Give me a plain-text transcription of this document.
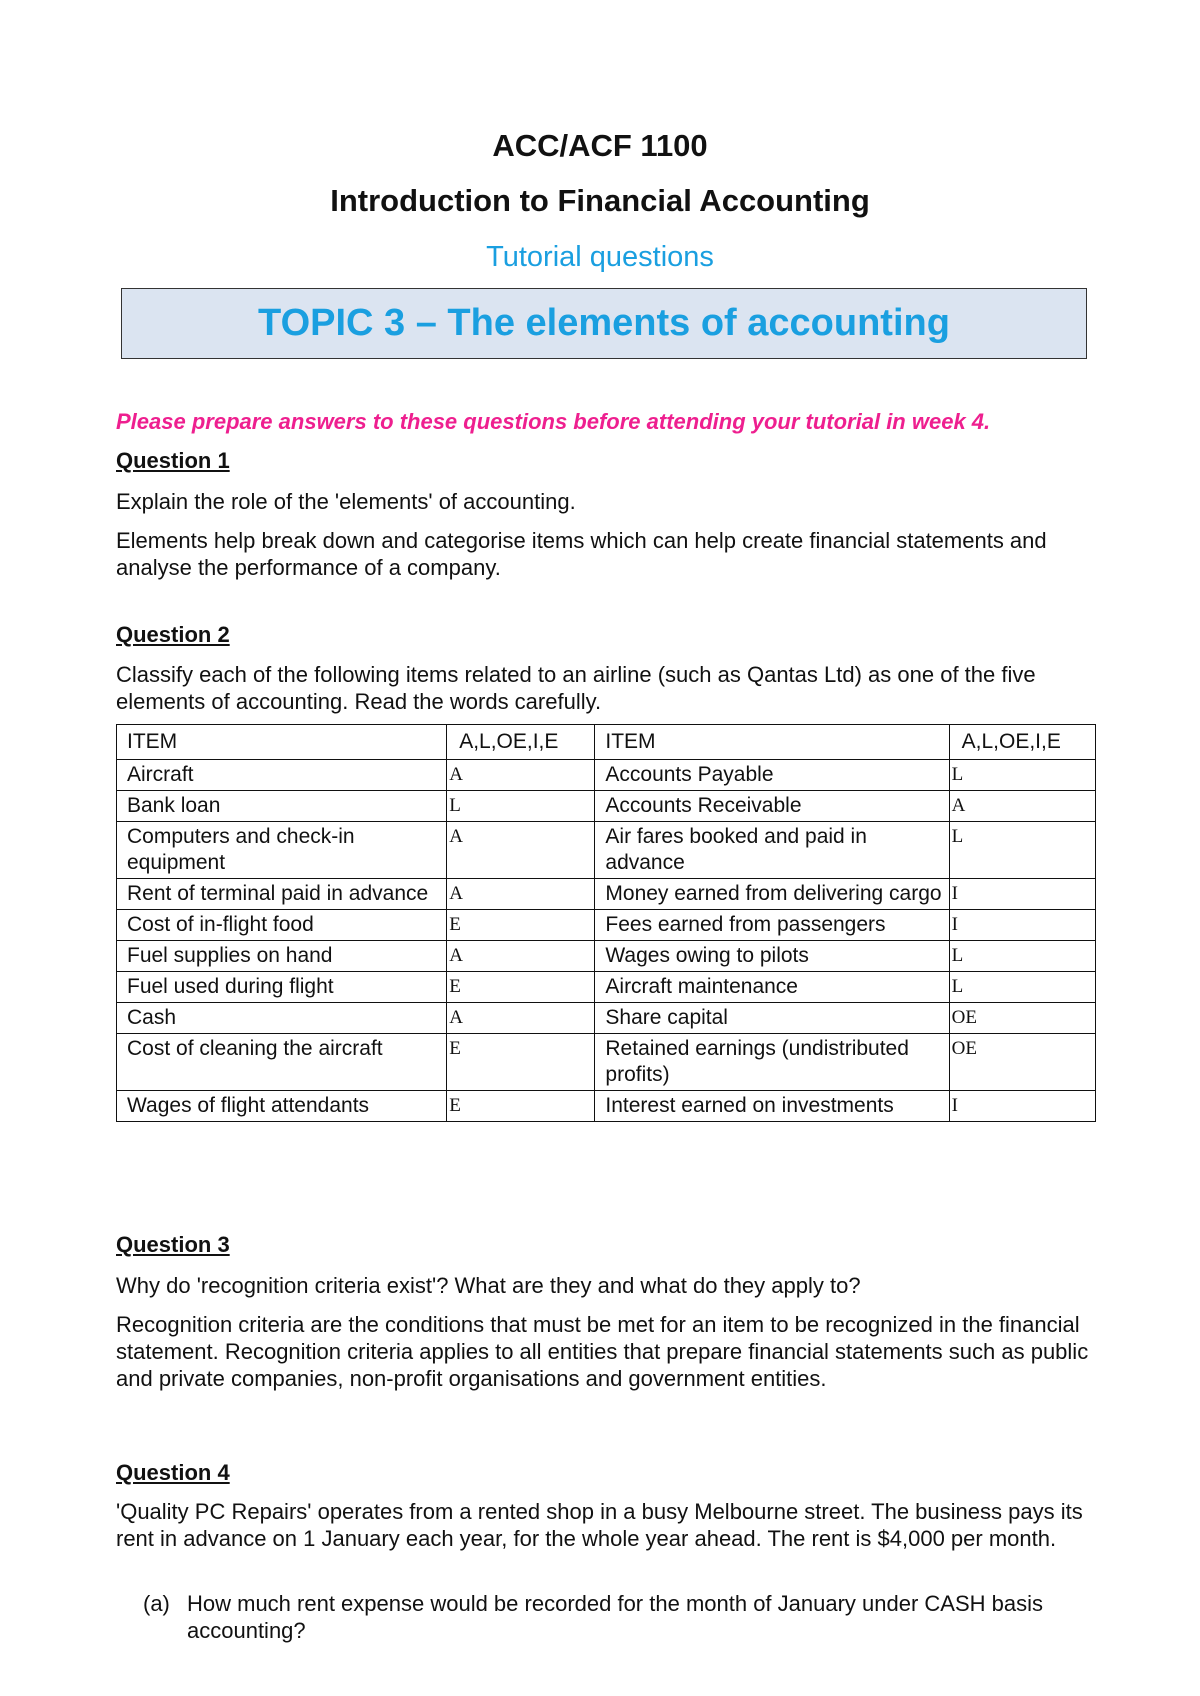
ACC/ACF 1100
Introduction to Financial Accounting
Tutorial questions
TOPIC 3 – The elements of accounting
Please prepare answers to these questions before attending your tutorial in week 4.
Question 1
Explain the role of the 'elements' of accounting.
Elements help break down and categorise items which can help create financial statements and analyse the performance of a company.
Question 2
Classify each of the following items related to an airline (such as Qantas Ltd) as one of the five elements of accounting. Read the words carefully.
ITEM	A,L,OE,I,E	ITEM	A,L,OE,I,E
Aircraft	A	Accounts Payable	L
Bank loan	L	Accounts Receivable	A
Computers and check-in equipment	A	Air fares booked and paid in advance	L
Rent of terminal paid in advance	A	Money earned from delivering cargo	I
Cost of in-flight food	E	Fees earned from passengers	I
Fuel supplies on hand	A	Wages owing to pilots	L
Fuel used during flight	E	Aircraft maintenance	L
Cash	A	Share capital	OE
Cost of cleaning the aircraft	E	Retained earnings (undistributed profits)	OE
Wages of flight attendants	E	Interest earned on investments	I
Question 3
Why do 'recognition criteria exist'? What are they and what do they apply to?
Recognition criteria are the conditions that must be met for an item to be recognized in the financial statement. Recognition criteria applies to all entities that prepare financial statements such as public and private companies, non-profit organisations and government entities.
Question 4
'Quality PC Repairs' operates from a rented shop in a busy Melbourne street. The business pays its rent in advance on 1 January each year, for the whole year ahead. The rent is $4,000 per month.
(a) How much rent expense would be recorded for the month of January under CASH basis accounting?
